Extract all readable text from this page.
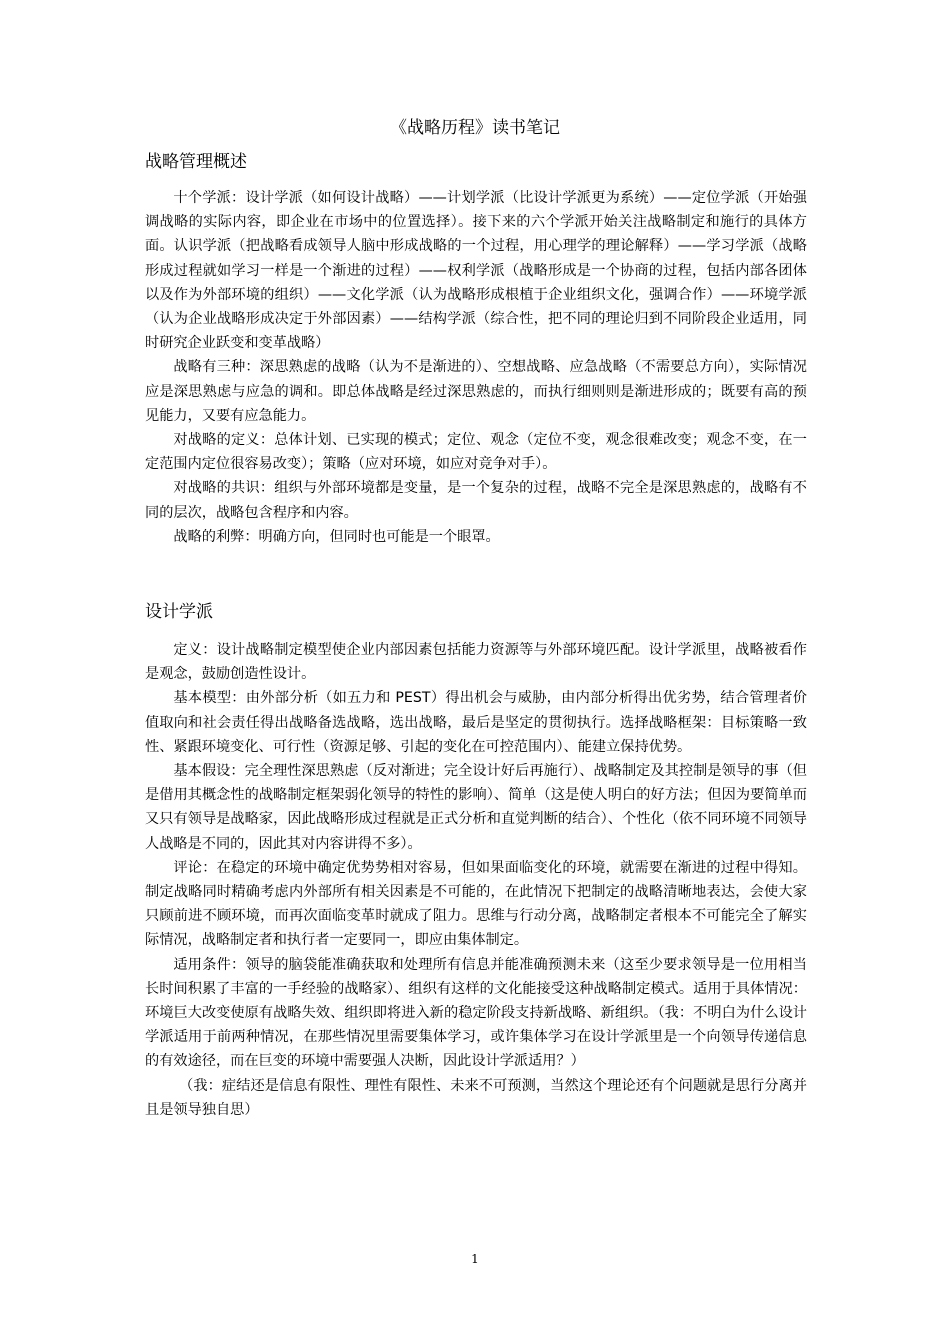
《战略历程》读书笔记
战略管理概述

十个学派：设计学派（如何设计战略）——计划学派（比设计学派更为系统）——定位学派（开始强调战略的实际内容，即企业在市场中的位置选择）。接下来的六个学派开始关注战略制定和施行的具体方面。认识学派（把战略看成领导人脑中形成战略的一个过程，用心理学的理论解释）——学习学派（战略形成过程就如学习一样是一个渐进的过程）——权利学派（战略形成是一个协商的过程，包括内部各团体以及作为外部环境的组织）——文化学派（认为战略形成根植于企业组织文化，强调合作）——环境学派（认为企业战略形成决定于外部因素）——结构学派（综合性，把不同的理论归到不同阶段企业适用，同时研究企业跃变和变革战略）

战略有三种：深思熟虑的战略（认为不是渐进的）、空想战略、应急战略（不需要总方向），实际情况应是深思熟虑与应急的调和。即总体战略是经过深思熟虑的，而执行细则则是渐进形成的；既要有高的预见能力，又要有应急能力。

对战略的定义：总体计划、已实现的模式；定位、观念（定位不变，观念很难改变；观念不变，在一定范围内定位很容易改变）；策略（应对环境，如应对竞争对手）。

对战略的共识：组织与外部环境都是变量，是一个复杂的过程，战略不完全是深思熟虑的，战略有不同的层次，战略包含程序和内容。

战略的利弊：明确方向，但同时也可能是一个眼罩。

设计学派

定义：设计战略制定模型使企业内部因素包括能力资源等与外部环境匹配。设计学派里，战略被看作是观念，鼓励创造性设计。

基本模型：由外部分析（如五力和 PEST）得出机会与威胁，由内部分析得出优劣势，结合管理者价值取向和社会责任得出战略备选战略，选出战略，最后是坚定的贯彻执行。选择战略框架：目标策略一致性、紧跟环境变化、可行性（资源足够、引起的变化在可控范围内）、能建立保持优势。

基本假设：完全理性深思熟虑（反对渐进；完全设计好后再施行）、战略制定及其控制是领导的事（但是借用其概念性的战略制定框架弱化领导的特性的影响）、简单（这是使人明白的好方法；但因为要简单而又只有领导是战略家，因此战略形成过程就是正式分析和直觉判断的结合）、个性化（依不同环境不同领导人战略是不同的，因此其对内容讲得不多）。

评论：在稳定的环境中确定优势势相对容易，但如果面临变化的环境，就需要在渐进的过程中得知。制定战略同时精确考虑内外部所有相关因素是不可能的，在此情况下把制定的战略清晰地表达，会使大家只顾前进不顾环境，而再次面临变革时就成了阻力。思维与行动分离，战略制定者根本不可能完全了解实际情况，战略制定者和执行者一定要同一，即应由集体制定。

适用条件：领导的脑袋能准确获取和处理所有信息并能准确预测未来（这至少要求领导是一位用相当长时间积累了丰富的一手经验的战略家）、组织有这样的文化能接受这种战略制定模式。适用于具体情况：环境巨大改变使原有战略失效、组织即将进入新的稳定阶段支持新战略、新组织。（我：不明白为什么设计学派适用于前两种情况，在那些情况里需要集体学习，或许集体学习在设计学派里是一个向领导传递信息的有效途径，而在巨变的环境中需要强人决断，因此设计学派适用？）

（我：症结还是信息有限性、理性有限性、未来不可预测，当然这个理论还有个问题就是思行分离并且是领导独自思）

1
